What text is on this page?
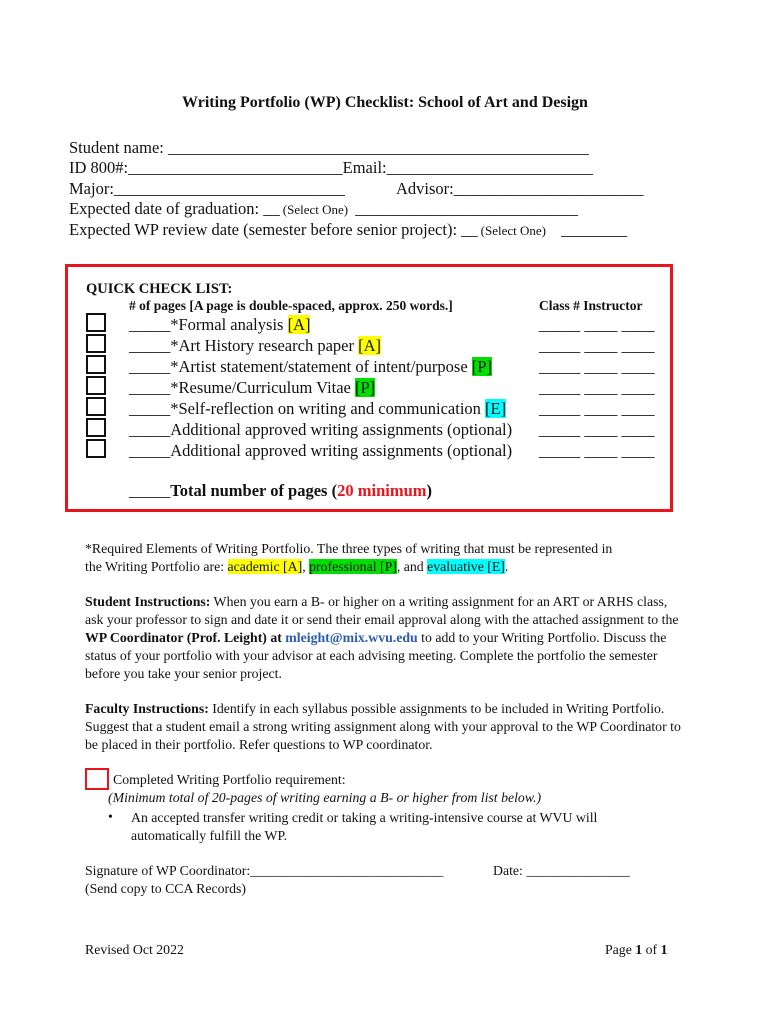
Writing Portfolio (WP) Checklist: School of Art and Design
Student name: ___________________________________________________
ID 800#:__________________________Email:_________________________
Major:____________________________	Advisor:_______________________
Expected date of graduation: __ (Select One) ___________________________
Expected WP review date (semester before senior project): __ (Select One) ________
QUICK CHECK LIST:
# of pages [A page is double-spaced, approx. 250 words.]	Class # Instructor
_____*Formal analysis [A]	_____ ____ ____
_____*Art History research paper [A]	_____ ____ ____
_____*Artist statement/statement of intent/purpose [P]	_____ ____ ____
_____*Resume/Curriculum Vitae [P]	_____ ____ ____
_____*Self-reflection on writing and communication [E] _____ ____ ____
_____Additional approved writing assignments (optional) _____ ____ ____
_____Additional approved writing assignments (optional) _____ ____ ____
_____Total number of pages (20 minimum)
*Required Elements of Writing Portfolio. The three types of writing that must be represented in
the Writing Portfolio are: academic [A], professional [P], and evaluative [E].
Student Instructions: When you earn a B- or higher on a writing assignment for an ART or ARHS class, ask your professor to sign and date it or send their email approval along with the attached assignment to the WP Coordinator (Prof. Leight) at mleight@mix.wvu.edu to add to your Writing Portfolio. Discuss the status of your portfolio with your advisor at each advising meeting. Complete the portfolio the semester before you take your senior project.
Faculty Instructions: Identify in each syllabus possible assignments to be included in Writing Portfolio. Suggest that a student email a strong writing assignment along with your approval to the WP Coordinator to be placed in their portfolio. Refer questions to WP coordinator.
Completed Writing Portfolio requirement:
(Minimum total of 20-pages of writing earning a B- or higher from list below.)
• An accepted transfer writing credit or taking a writing-intensive course at WVU will automatically fulfill the WP.
Signature of WP Coordinator:____________________________	Date: _______________
(Send copy to CCA Records)
Revised Oct 2022	Page 1 of 1
